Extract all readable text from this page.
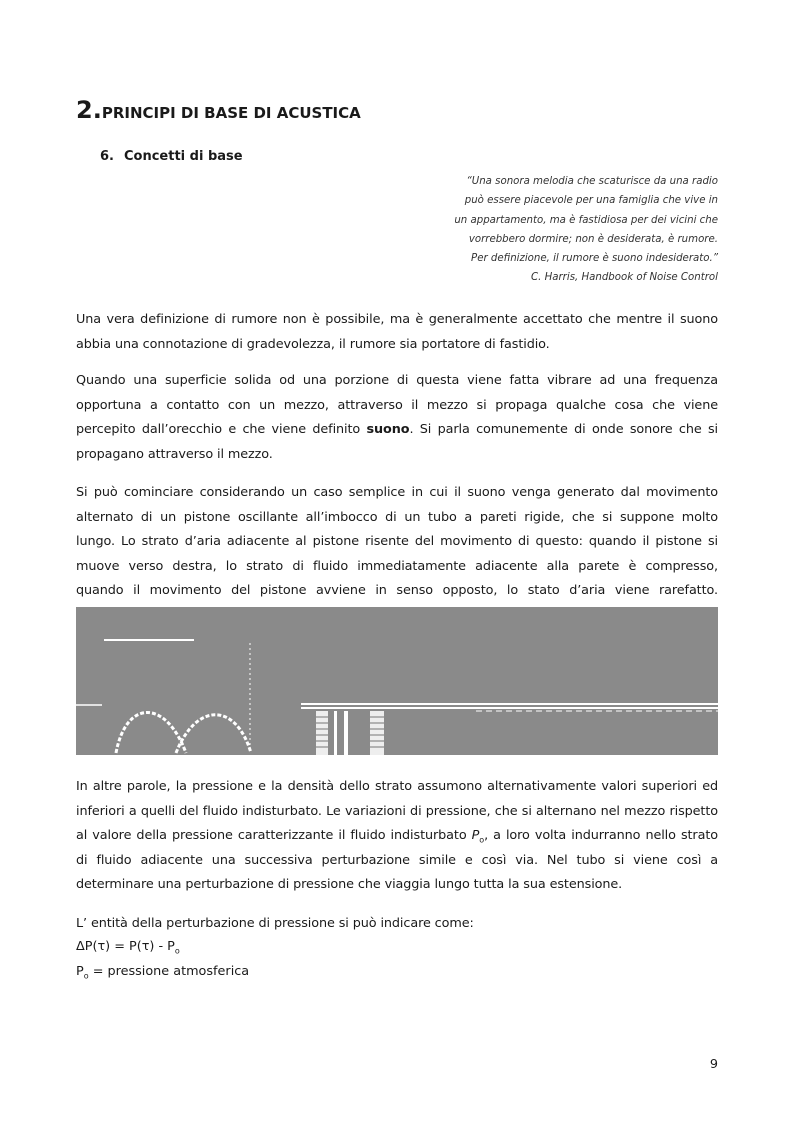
2.PRINCIPI DI BASE DI ACUSTICA
6. Concetti di base
“Una sonora melodia che scaturisce da una radio
può essere piacevole per una famiglia che vive in
un appartamento, ma è fastidiosa per dei vicini che
vorrebbero dormire; non è desiderata, è rumore.
Per definizione, il rumore è suono indesiderato.”
C. Harris, Handbook of Noise Control
Una vera definizione di rumore non è possibile, ma è generalmente accettato che mentre il suono
abbia una connotazione di gradevolezza, il rumore sia portatore di fastidio.
Quando una superficie solida od una porzione di questa viene fatta vibrare ad una frequenza
opportuna a contatto con un mezzo, attraverso il mezzo si propaga qualche cosa che viene
percepito dall’orecchio e che viene definito suono. Si parla comunemente di onde sonore che si
propagano attraverso il mezzo.
Si può cominciare considerando un caso semplice in cui il suono venga generato dal movimento
alternato di un pistone oscillante all’imbocco di un tubo a pareti rigide, che si suppone molto
lungo. Lo strato d’aria adiacente al pistone risente del movimento di questo: quando il pistone si
muove verso destra, lo strato di fluido immediatamente adiacente alla parete è compresso,
quando il movimento del pistone avviene in senso opposto, lo stato d’aria viene rarefatto.
In altre parole, la pressione e la densità dello strato assumono alternativamente valori superiori ed
inferiori a quelli del fluido indisturbato. Le variazioni di pressione, che si alternano nel mezzo rispetto
al valore della pressione caratterizzante il fluido indisturbato $P_o$, a loro volta indurranno nello strato
di fluido adiacente una successiva perturbazione simile e così via. Nel tubo si viene così a
determinare una perturbazione di pressione che viaggia lungo tutta la sua estensione.
L’ entità della perturbazione di pressione si può indicare come:
$\Delta P(\tau) = P(\tau) - P_o$
$P_o$ = pressione atmosferica
9
